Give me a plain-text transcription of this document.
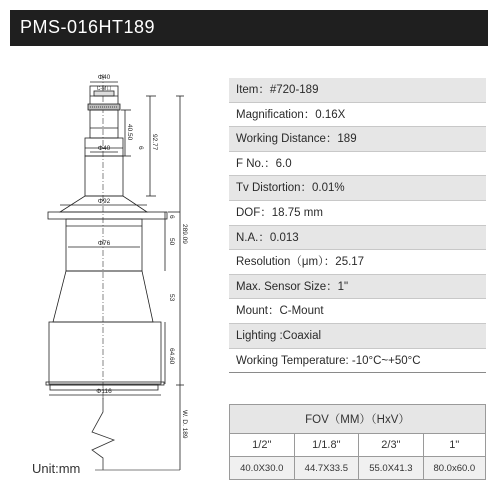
PMS-016HT189
Φ40
C-M口
Φ40
Φ92
Φ76
Φ116
40.50
6 92.77
6
50 289.09
53
64.60
W. D. 189
Unit:mm
Item：#720-189
Magnification：0.16X
Working Distance：189
F No.：6.0
Tv Distortion：0.01%
DOF：18.75 mm
N.A.：0.013
Resolution（μm）：25.17
Max. Sensor Size：1"
Mount：C-Mount
Lighting :Coaxial
Working Temperature: -10°C~+50°C
FOV（MM）（HxV）			
1/2"	1/1.8"	2/3"	1"
40.0X30.0	44.7X33.5	55.0X41.3	80.0x60.0
